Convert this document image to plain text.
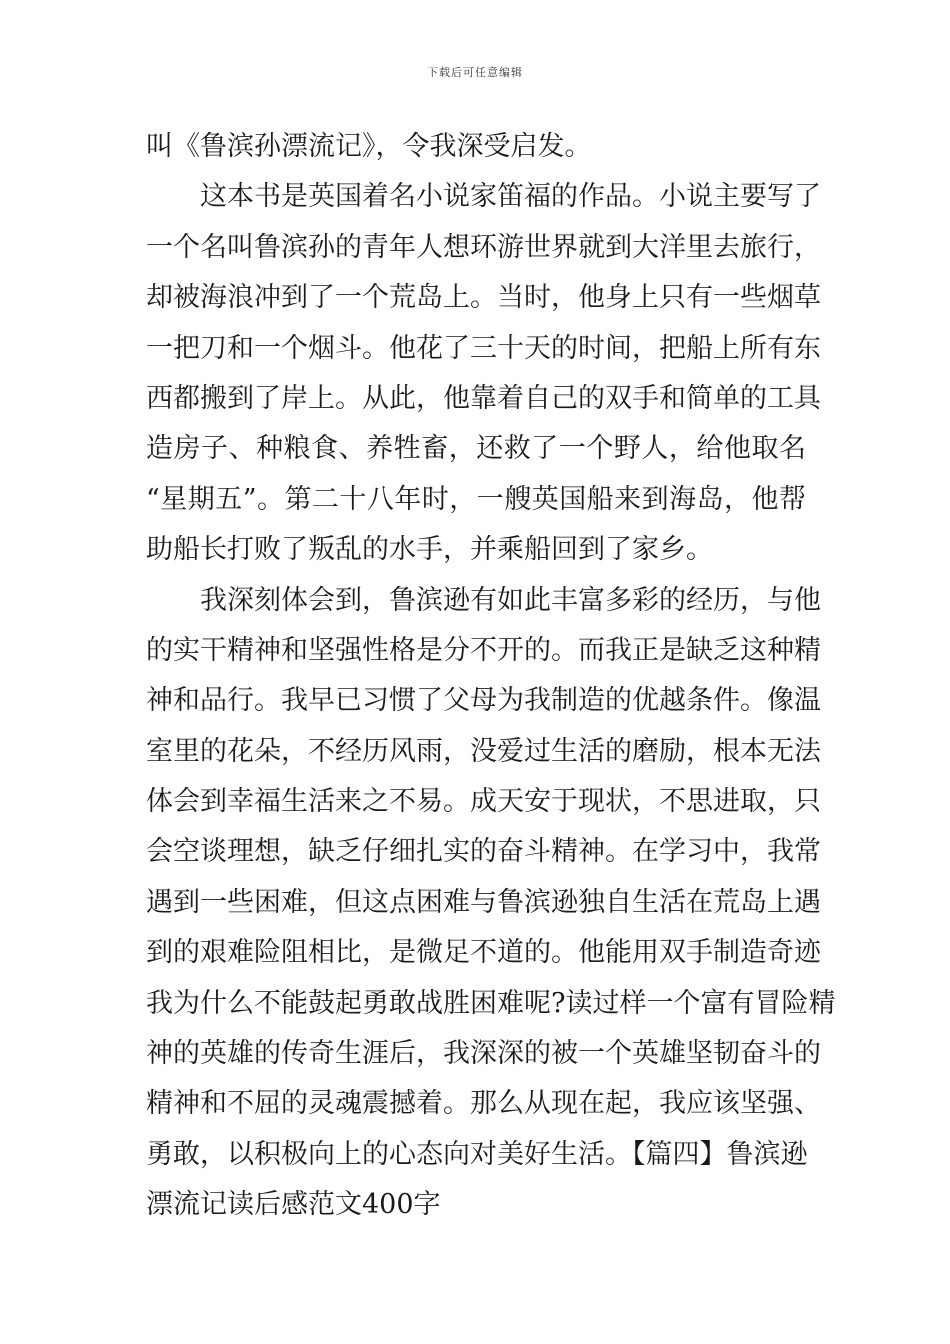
下载后可任意编辑
叫《鲁滨孙漂流记》，令我深受启发。
这本书是英国着名小说家笛福的作品。小说主要写了
一个名叫鲁滨孙的青年人想环游世界就到大洋里去旅行，
却被海浪冲到了一个荒岛上。当时，他身上只有一些烟草
一把刀和一个烟斗。他花了三十天的时间，把船上所有东
西都搬到了岸上。从此，他靠着自己的双手和简单的工具
造房子、种粮食、养牲畜，还救了一个野人，给他取名
“星期五”。第二十八年时，一艘英国船来到海岛，他帮
助船长打败了叛乱的水手，并乘船回到了家乡。
我深刻体会到，鲁滨逊有如此丰富多彩的经历，与他
的实干精神和坚强性格是分不开的。而我正是缺乏这种精
神和品行。我早已习惯了父母为我制造的优越条件。像温
室里的花朵，不经历风雨，没爱过生活的磨励，根本无法
体会到幸福生活来之不易。成天安于现状，不思进取，只
会空谈理想，缺乏仔细扎实的奋斗精神。在学习中，我常
遇到一些困难，但这点困难与鲁滨逊独自生活在荒岛上遇
到的艰难险阻相比，是微足不道的。他能用双手制造奇迹
我为什么不能鼓起勇敢战胜困难呢?读过样一个富有冒险精
神的英雄的传奇生涯后，我深深的被一个英雄坚韧奋斗的
精神和不屈的灵魂震撼着。那么从现在起，我应该坚强、
勇敢，以积极向上的心态向对美好生活。【篇四】鲁滨逊
漂流记读后感范文400字
